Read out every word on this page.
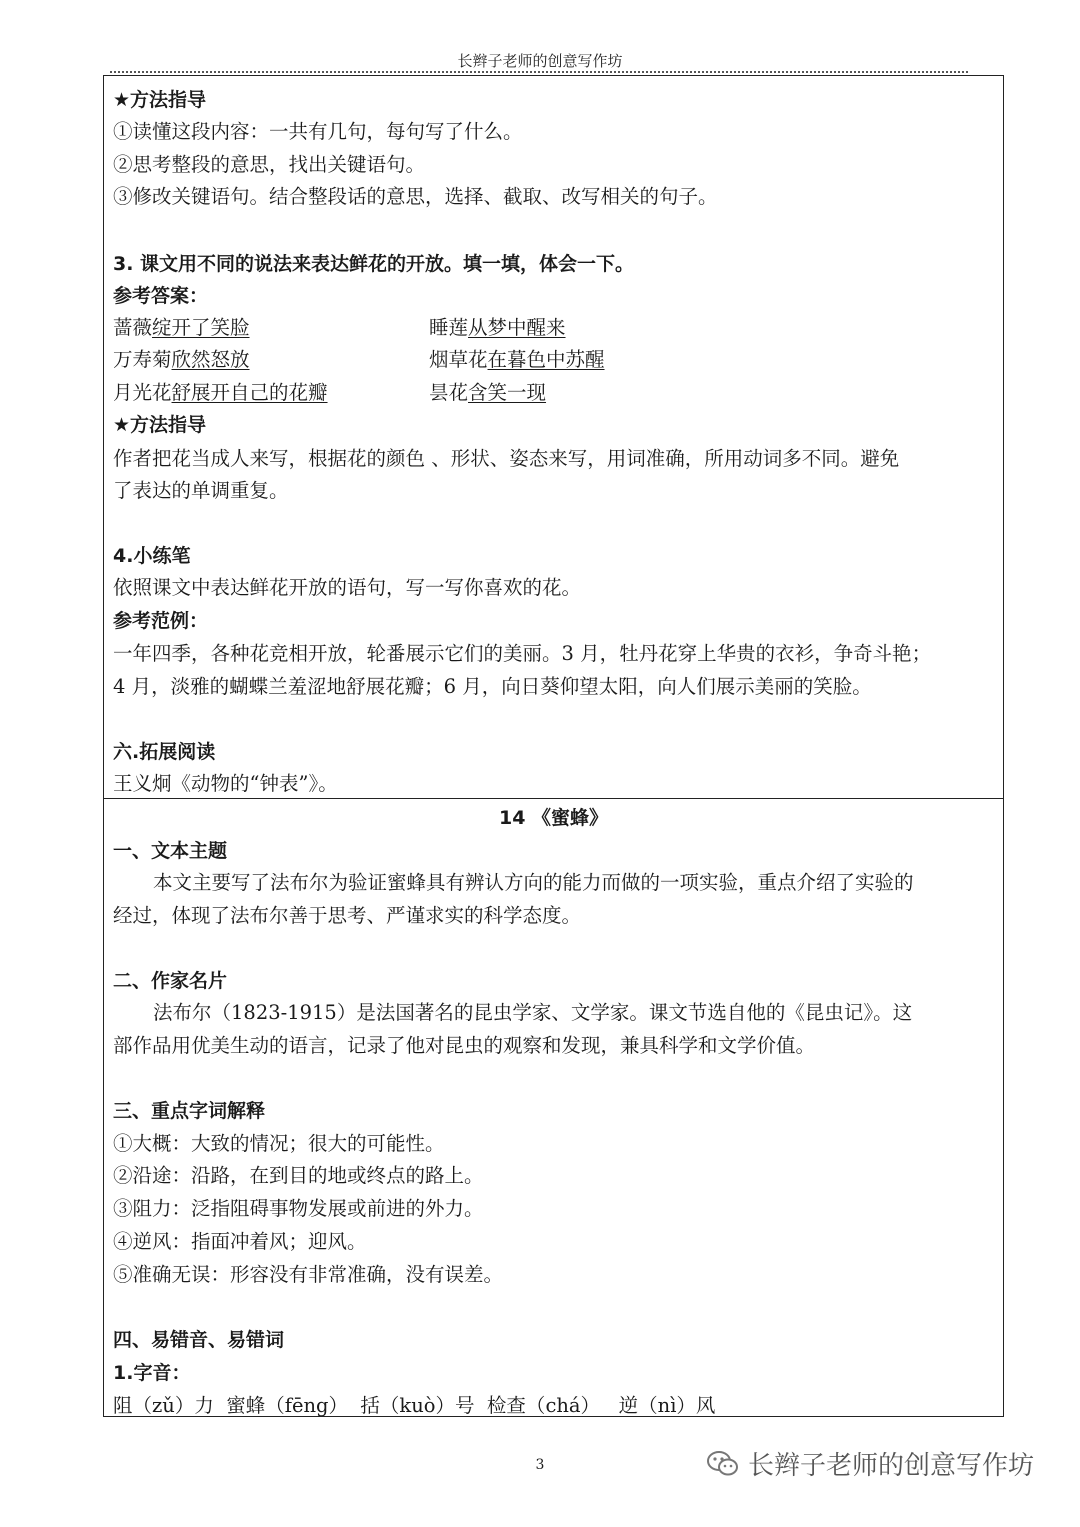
长辫子老师的创意写作坊
★方法指导
①读懂这段内容：一共有几句，每句写了什么。
②思考整段的意思，找出关键语句。
③修改关键语句。结合整段话的意思，选择、截取、改写相关的句子。
3. 课文用不同的说法来表达鲜花的开放。填一填，体会一下。
参考答案：
蔷薇绽开了笑脸	睡莲从梦中醒来
万寿菊欣然怒放	烟草花在暮色中苏醒
月光花舒展开自己的花瓣	昙花含笑一现
★方法指导
作者把花当成人来写，根据花的颜色 、形状、姿态来写，用词准确，所用动词多不同。避免
了表达的单调重复。
4.小练笔
依照课文中表达鲜花开放的语句，写一写你喜欢的花。
参考范例：
一年四季，各种花竞相开放，轮番展示它们的美丽。3 月，牡丹花穿上华贵的衣衫，争奇斗艳；
4 月，淡雅的蝴蝶兰羞涩地舒展花瓣；6 月，向日葵仰望太阳，向人们展示美丽的笑脸。
六.拓展阅读
王义炯《动物的“钟表”》。
14 《蜜蜂》
一、文本主题
本文主要写了法布尔为验证蜜蜂具有辨认方向的能力而做的一项实验，重点介绍了实验的
经过，体现了法布尔善于思考、严谨求实的科学态度。
二、作家名片
法布尔（1823-1915）是法国著名的昆虫学家、文学家。课文节选自他的《昆虫记》。这
部作品用优美生动的语言，记录了他对昆虫的观察和发现，兼具科学和文学价值。
三、重点字词解释
①大概：大致的情况；很大的可能性。
②沿途：沿路，在到目的地或终点的路上。
③阻力：泛指阻碍事物发展或前进的外力。
④逆风：指面冲着风；迎风。
⑤准确无误：形容没有非常准确，没有误差。
四、易错音、易错词
1.字音：
阻（zǔ）力  蜜蜂（fēng）  括（kuò）号  检查（chá）   逆（nì）风
3	长辫子老师的创意写作坊
